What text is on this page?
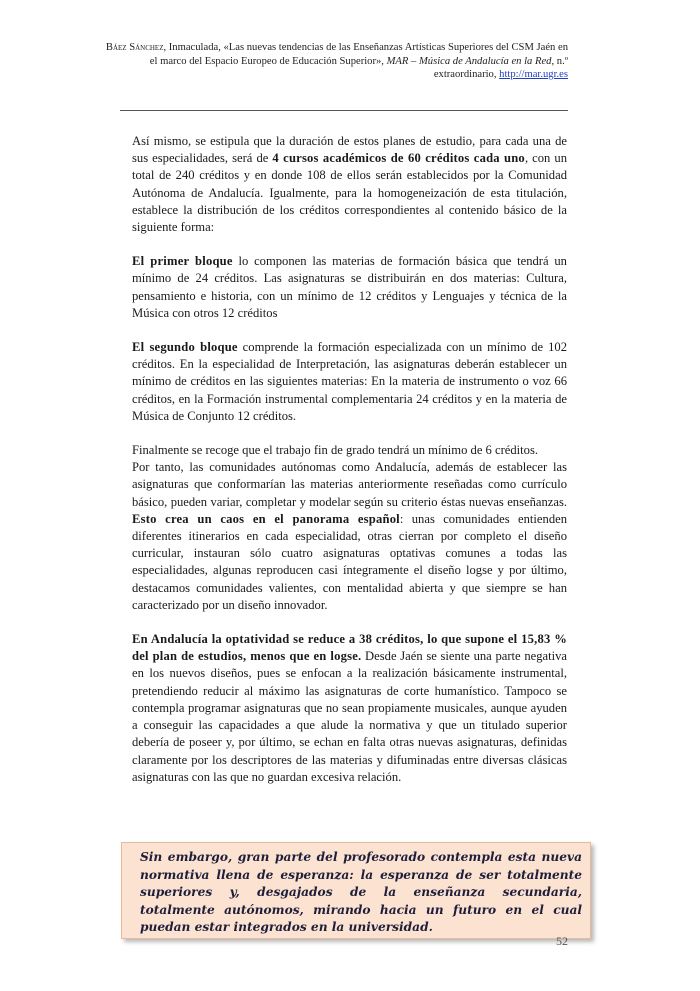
Báez Sánchez, Inmaculada, «Las nuevas tendencias de las Enseñanzas Artísticas Superiores del CSM Jaén en el marco del Espacio Europeo de Educación Superior», MAR – Música de Andalucía en la Red, n.º extraordinario, http://mar.ugr.es

Así mismo, se estipula que la duración de estos planes de estudio, para cada una de sus especialidades, será de 4 cursos académicos de 60 créditos cada uno, con un total de 240 créditos y en donde 108 de ellos serán establecidos por la Comunidad Autónoma de Andalucía. Igualmente, para la homogeneización de esta titulación, establece la distribución de los créditos correspondientes al contenido básico de la siguiente forma:

El primer bloque lo componen las materias de formación básica que tendrá un mínimo de 24 créditos. Las asignaturas se distribuirán en dos materias: Cultura, pensamiento e historia, con un mínimo de 12 créditos y Lenguajes y técnica de la Música con otros 12 créditos

El segundo bloque comprende la formación especializada con un mínimo de 102 créditos. En la especialidad de Interpretación, las asignaturas deberán establecer un mínimo de créditos en las siguientes materias: En la materia de instrumento o voz 66 créditos, en la Formación instrumental complementaria 24 créditos y en la materia de Música de Conjunto 12 créditos.

Finalmente se recoge que el trabajo fin de grado tendrá un mínimo de 6 créditos.

Por tanto, las comunidades autónomas como Andalucía, además de establecer las asignaturas que conformarían las materias anteriormente reseñadas como currículo básico, pueden variar, completar y modelar según su criterio éstas nuevas enseñanzas. Esto crea un caos en el panorama español: unas comunidades entienden diferentes itinerarios en cada especialidad, otras cierran por completo el diseño curricular, instauran sólo cuatro asignaturas optativas comunes a todas las especialidades, algunas reproducen casi íntegramente el diseño logse y por último, destacamos comunidades valientes, con mentalidad abierta y que siempre se han caracterizado por un diseño innovador.

En Andalucía la optatividad se reduce a 38 créditos, lo que supone el 15,83 % del plan de estudios, menos que en logse. Desde Jaén se siente una parte negativa en los nuevos diseños, pues se enfocan a la realización básicamente instrumental, pretendiendo reducir al máximo las asignaturas de corte humanístico. Tampoco se contempla programar asignaturas que no sean propiamente musicales, aunque ayuden a conseguir las capacidades a que alude la normativa y que un titulado superior debería de poseer y, por último, se echan en falta otras nuevas asignaturas, definidas claramente por los descriptores de las materias y difuminadas entre diversas clásicas asignaturas con las que no guardan excesiva relación.

Sin embargo, gran parte del profesorado contempla esta nueva normativa llena de esperanza: la esperanza de ser totalmente superiores y, desgajados de la enseñanza secundaria, totalmente autónomos, mirando hacia un futuro en el cual puedan estar integrados en la universidad.

52
